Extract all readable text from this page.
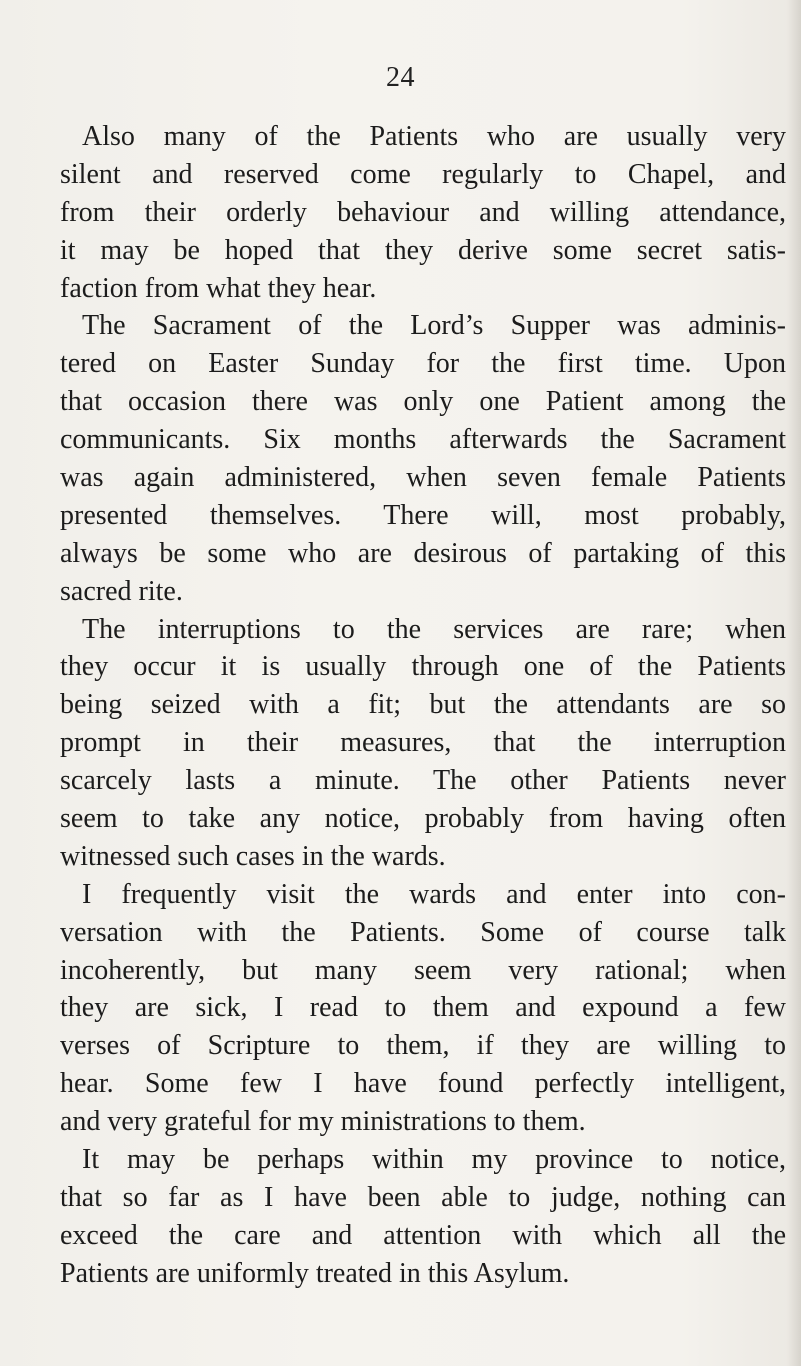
24
Also many of the Patients who are usually very
silent and reserved come regularly to Chapel, and
from their orderly behaviour and willing attendance,
it may be hoped that they derive some secret satis-
faction from what they hear.
The Sacrament of the Lord’s Supper was adminis-
tered on Easter Sunday for the first time. Upon
that occasion there was only one Patient among the
communicants. Six months afterwards the Sacrament
was again administered, when seven female Patients
presented themselves. There will, most probably,
always be some who are desirous of partaking of this
sacred rite.
The interruptions to the services are rare; when
they occur it is usually through one of the Patients
being seized with a fit; but the attendants are so
prompt in their measures, that the interruption
scarcely lasts a minute. The other Patients never
seem to take any notice, probably from having often
witnessed such cases in the wards.
I frequently visit the wards and enter into con-
versation with the Patients. Some of course talk
incoherently, but many seem very rational; when
they are sick, I read to them and expound a few
verses of Scripture to them, if they are willing to
hear. Some few I have found perfectly intelligent,
and very grateful for my ministrations to them.
It may be perhaps within my province to notice,
that so far as I have been able to judge, nothing can
exceed the care and attention with which all the
Patients are uniformly treated in this Asylum.
